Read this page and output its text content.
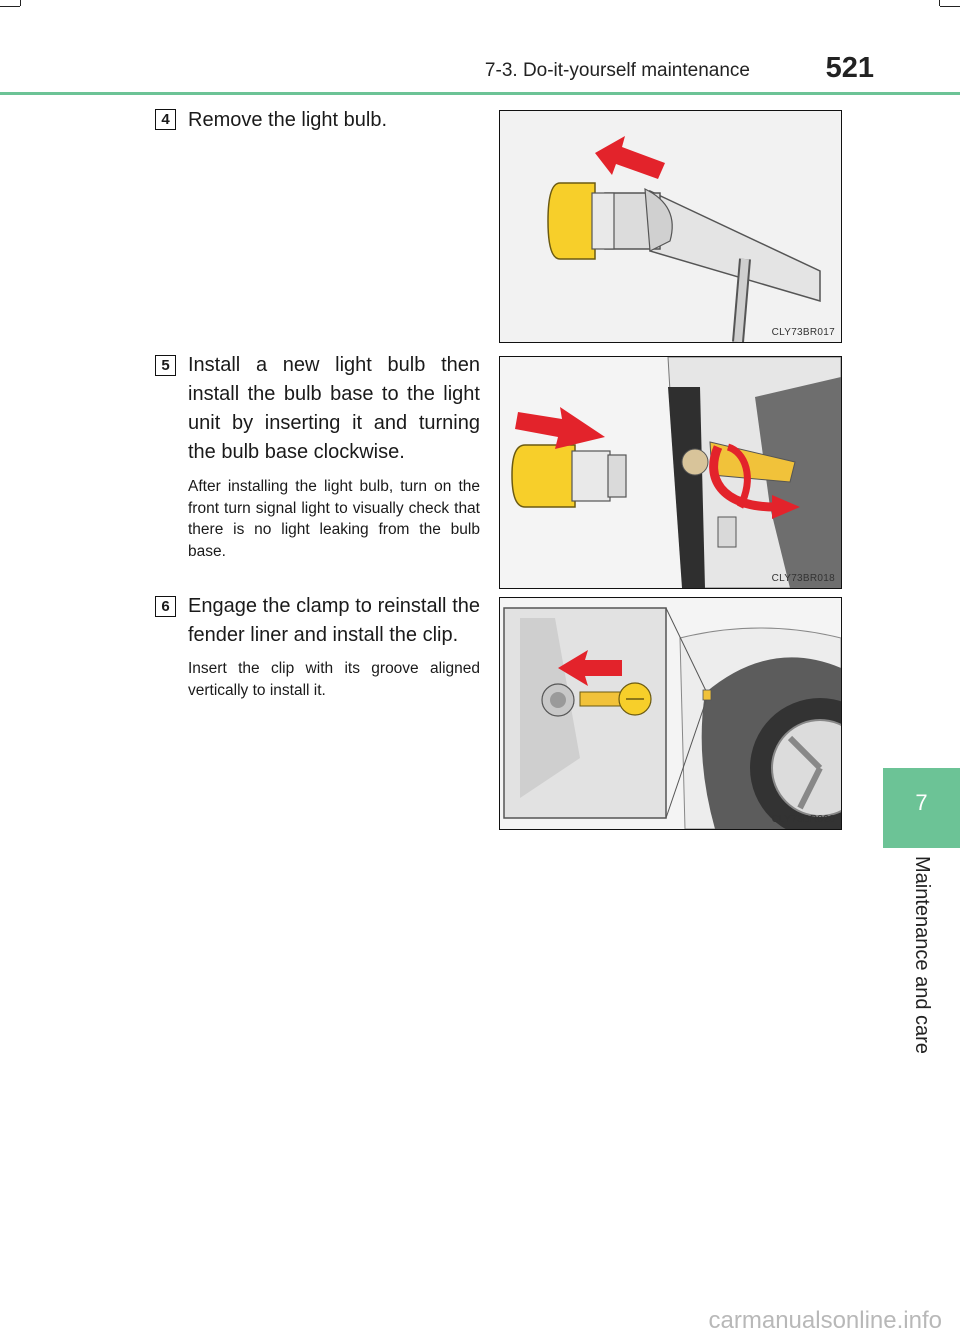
7-3. Do-it-yourself maintenance	521
7
Maintenance and care
4 Remove the light bulb.
CLY73BR017
5 Install a new light bulb then install the bulb base to the light unit by inserting it and turning the bulb base clockwise.
After installing the light bulb, turn on the front turn signal light to visually check that there is no light leaking from the bulb base.
CLY73BR018
6 Engage the clamp to reinstall the fender liner and install the clip.
Insert the clip with its groove aligned vertically to install it.
CLY73BR020
carmanualsonline.info
